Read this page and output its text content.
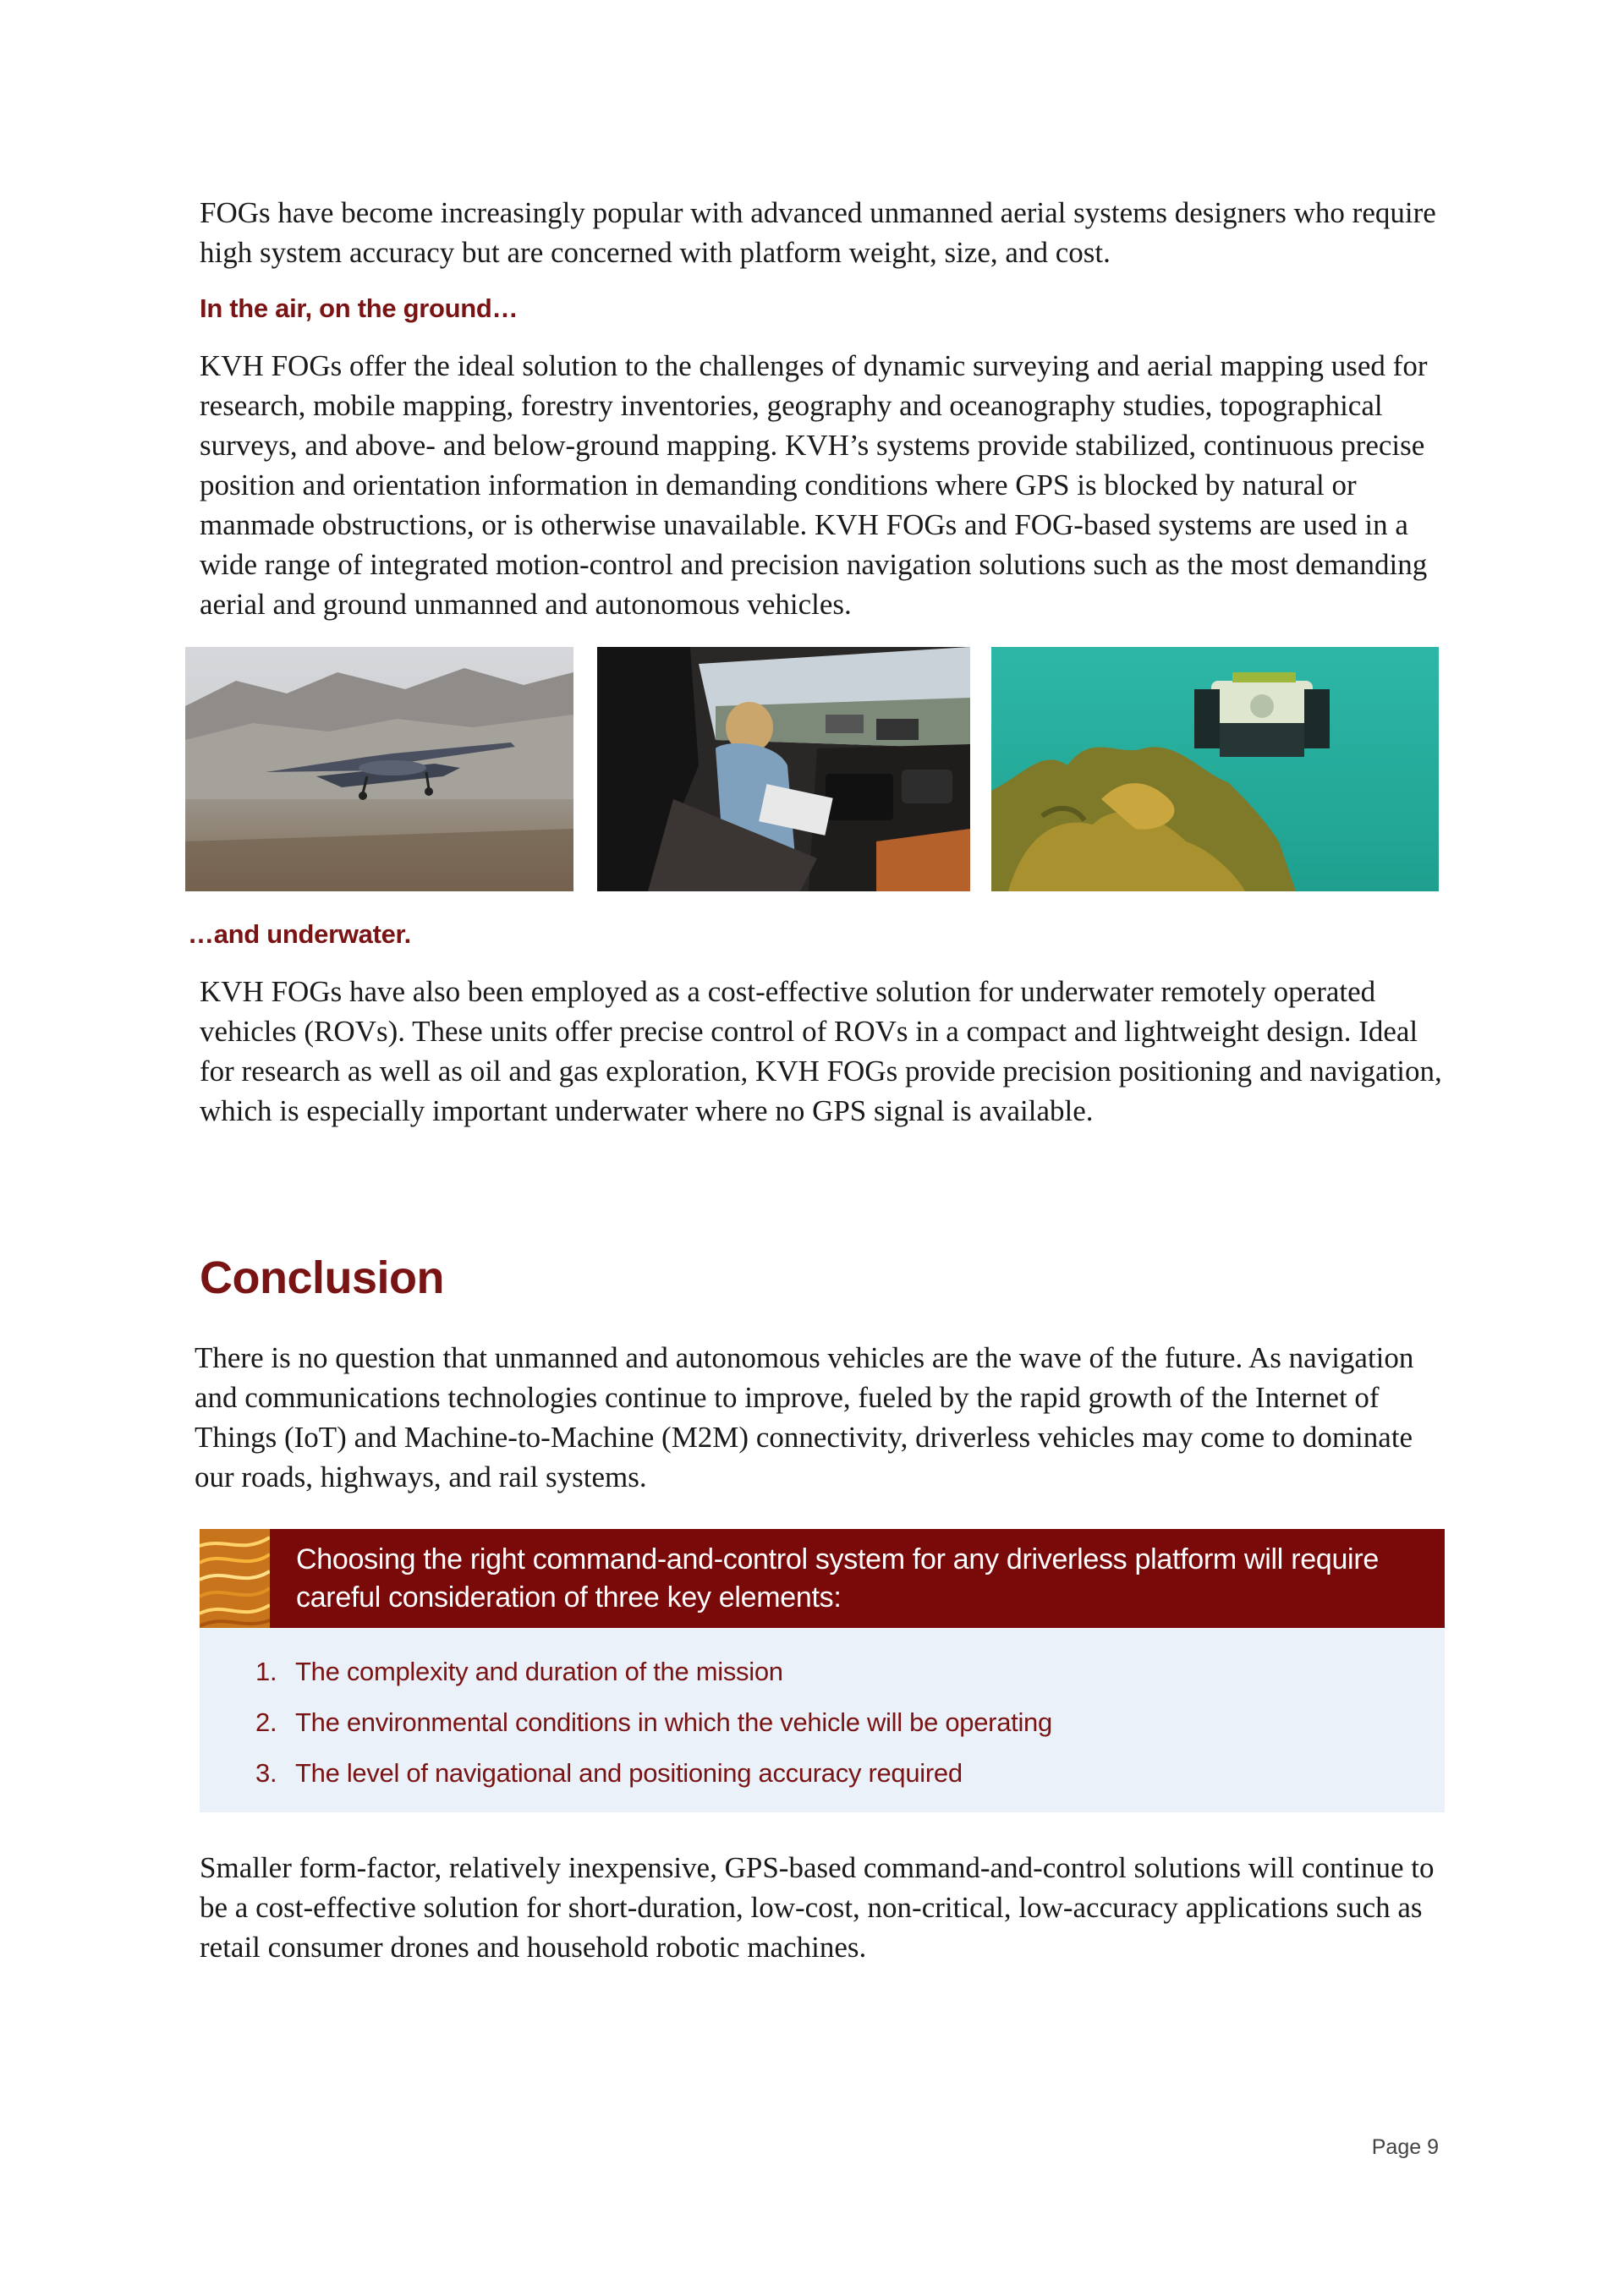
FOGs have become increasingly popular with advanced unmanned aerial systems designers who require high system accuracy but are concerned with platform weight, size, and cost.

In the air, on the ground…

KVH FOGs offer the ideal solution to the challenges of dynamic surveying and aerial mapping used for research, mobile mapping, forestry inventories, geography and oceanography studies, topographical surveys, and above- and below-ground mapping. KVH’s systems provide stabilized, continuous precise position and orientation information in demanding conditions where GPS is blocked by natural or manmade obstructions, or is otherwise unavailable. KVH FOGs and FOG-based systems are used in a wide range of integrated motion-control and precision navigation solutions such as the most demanding aerial and ground unmanned and autonomous vehicles.

…and underwater.

KVH FOGs have also been employed as a cost-effective solution for underwater remotely operated vehicles (ROVs). These units offer precise control of ROVs in a compact and lightweight design. Ideal for research as well as oil and gas exploration, KVH FOGs provide precision positioning and navigation, which is especially important underwater where no GPS signal is available.

Conclusion

There is no question that unmanned and autonomous vehicles are the wave of the future. As navigation and communications technologies continue to improve, fueled by the rapid growth of the Internet of Things (IoT) and Machine-to-Machine (M2M) connectivity, driverless vehicles may come to dominate our roads, highways, and rail systems.

Choosing the right command-and-control system for any driverless platform will require careful consideration of three key elements:

1. The complexity and duration of the mission
2. The environmental conditions in which the vehicle will be operating
3. The level of navigational and positioning accuracy required

Smaller form-factor, relatively inexpensive, GPS-based command-and-control solutions will continue to be a cost-effective solution for short-duration, low-cost, non-critical, low-accuracy applications such as retail consumer drones and household robotic machines.

Page 9
